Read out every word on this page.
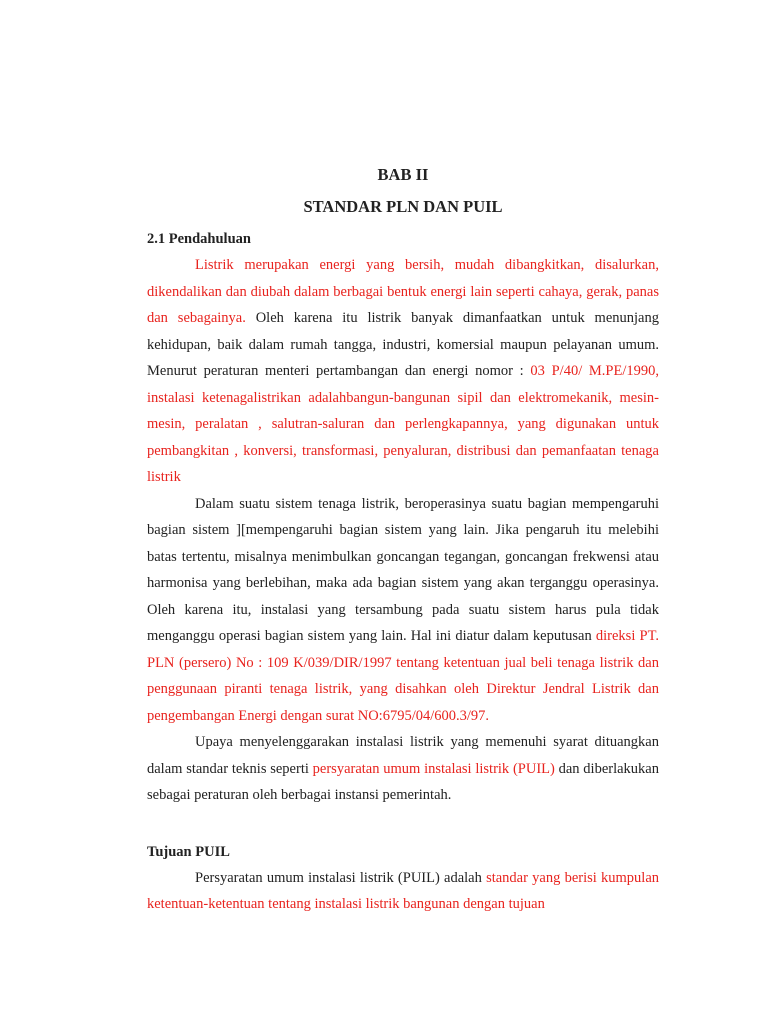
BAB II
STANDAR PLN DAN PUIL
2.1 Pendahuluan

Listrik merupakan energi yang bersih, mudah dibangkitkan, disalurkan, dikendalikan dan diubah dalam berbagai bentuk energi lain seperti cahaya, gerak, panas dan sebagainya. Oleh karena itu listrik banyak dimanfaatkan untuk menunjang kehidupan, baik dalam rumah tangga, industri, komersial maupun pelayanan umum. Menurut peraturan menteri pertambangan dan energi nomor : 03 P/40/ M.PE/1990, instalasi ketenagalistrikan adalahbangun-bangunan sipil dan elektromekanik, mesin-mesin, peralatan , salutran-saluran dan perlengkapannya, yang digunakan untuk pembangkitan , konversi, transformasi, penyaluran, distribusi dan pemanfaatan tenaga listrik

Dalam suatu sistem tenaga listrik, beroperasinya suatu bagian mempengaruhi bagian sistem ][mempengaruhi bagian sistem yang lain. Jika pengaruh itu melebihi batas tertentu, misalnya menimbulkan goncangan tegangan, goncangan frekwensi atau harmonisa yang berlebihan, maka ada bagian sistem yang akan terganggu operasinya. Oleh karena itu, instalasi yang tersambung pada suatu sistem harus pula tidak menganggu operasi bagian sistem yang lain. Hal ini diatur dalam keputusan direksi PT. PLN (persero) No : 109 K/039/DIR/1997 tentang ketentuan jual beli tenaga listrik dan penggunaan piranti tenaga listrik, yang disahkan oleh Direktur Jendral Listrik dan pengembangan Energi dengan surat NO:6795/04/600.3/97.

Upaya menyelenggarakan instalasi listrik yang memenuhi syarat dituangkan dalam standar teknis seperti persyaratan umum instalasi listrik (PUIL) dan diberlakukan sebagai peraturan oleh berbagai instansi pemerintah.

Tujuan PUIL

Persyaratan umum instalasi listrik (PUIL) adalah standar yang berisi kumpulan ketentuan-ketentuan tentang instalasi listrik bangunan dengan tujuan
